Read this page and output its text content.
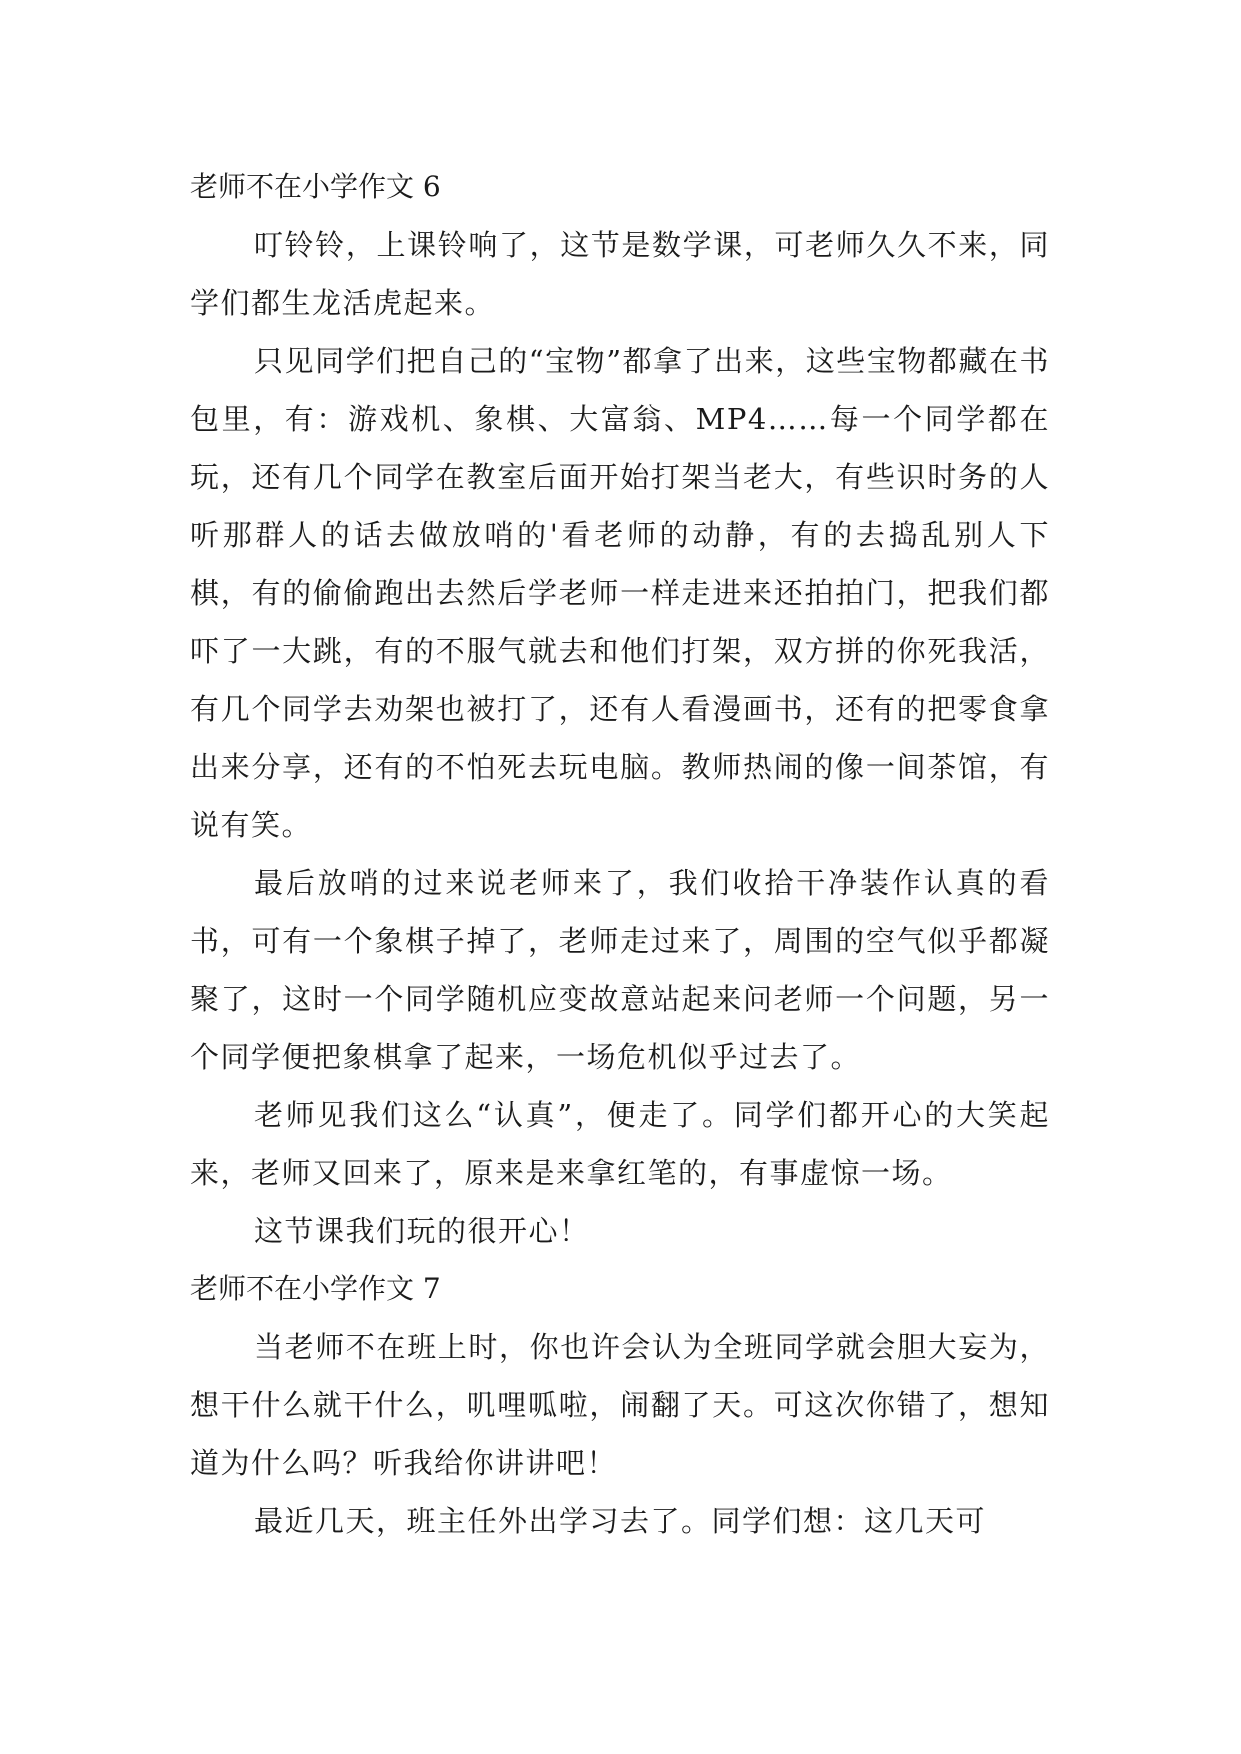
老师不在小学作文 6

叮铃铃，上课铃响了，这节是数学课，可老师久久不来，同学们都生龙活虎起来。

只见同学们把自己的“宝物”都拿了出来，这些宝物都藏在书包里，有：游戏机、象棋、大富翁、MP4……每一个同学都在玩，还有几个同学在教室后面开始打架当老大，有些识时务的人听那群人的话去做放哨的'看老师的动静，有的去捣乱别人下棋，有的偷偷跑出去然后学老师一样走进来还拍拍门，把我们都吓了一大跳，有的不服气就去和他们打架，双方拼的你死我活，有几个同学去劝架也被打了，还有人看漫画书，还有的把零食拿出来分享，还有的不怕死去玩电脑。教师热闹的像一间茶馆，有说有笑。

最后放哨的过来说老师来了，我们收拾干净装作认真的看书，可有一个象棋子掉了，老师走过来了，周围的空气似乎都凝聚了，这时一个同学随机应变故意站起来问老师一个问题，另一个同学便把象棋拿了起来，一场危机似乎过去了。

老师见我们这么“认真”，便走了。同学们都开心的大笑起来，老师又回来了，原来是来拿红笔的，有事虚惊一场。

这节课我们玩的很开心！

老师不在小学作文 7

当老师不在班上时，你也许会认为全班同学就会胆大妄为，想干什么就干什么，叽哩呱啦，闹翻了天。可这次你错了，想知道为什么吗？听我给你讲讲吧！

最近几天，班主任外出学习去了。同学们想：这几天可
